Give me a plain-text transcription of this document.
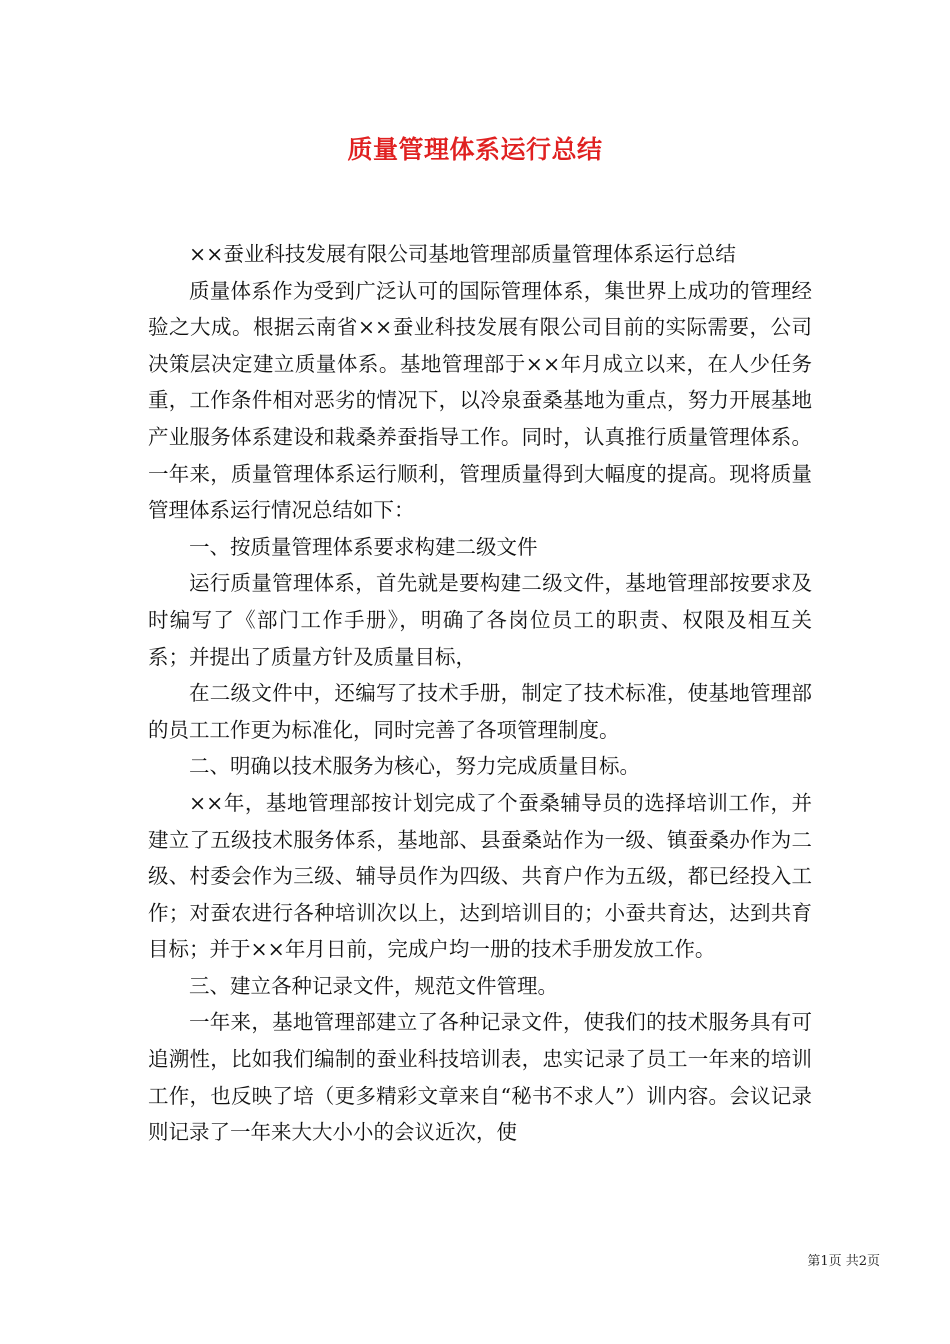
质量管理体系运行总结

××蚕业科技发展有限公司基地管理部质量管理体系运行总结

质量体系作为受到广泛认可的国际管理体系，集世界上成功的管理经验之大成。根据云南省××蚕业科技发展有限公司目前的实际需要，公司决策层决定建立质量体系。基地管理部于××年月成立以来，在人少任务重，工作条件相对恶劣的情况下，以冷泉蚕桑基地为重点，努力开展基地产业服务体系建设和栽桑养蚕指导工作。同时，认真推行质量管理体系。一年来，质量管理体系运行顺利，管理质量得到大幅度的提高。现将质量管理体系运行情况总结如下：

一、按质量管理体系要求构建二级文件

运行质量管理体系，首先就是要构建二级文件，基地管理部按要求及时编写了《部门工作手册》，明确了各岗位员工的职责、权限及相互关系；并提出了质量方针及质量目标，

在二级文件中，还编写了技术手册，制定了技术标准，使基地管理部的员工工作更为标准化，同时完善了各项管理制度。

二、明确以技术服务为核心，努力完成质量目标。

××年，基地管理部按计划完成了个蚕桑辅导员的选择培训工作，并建立了五级技术服务体系，基地部、县蚕桑站作为一级、镇蚕桑办作为二级、村委会作为三级、辅导员作为四级、共育户作为五级，都已经投入工作；对蚕农进行各种培训次以上，达到培训目的；小蚕共育达，达到共育目标；并于××年月日前，完成户均一册的技术手册发放工作。

三、建立各种记录文件，规范文件管理。

一年来，基地管理部建立了各种记录文件，使我们的技术服务具有可追溯性，比如我们编制的蚕业科技培训表，忠实记录了员工一年来的培训工作，也反映了培（更多精彩文章来自“秘书不求人”）训内容。会议记录则记录了一年来大大小小的会议近次，使

第1页 共2页
